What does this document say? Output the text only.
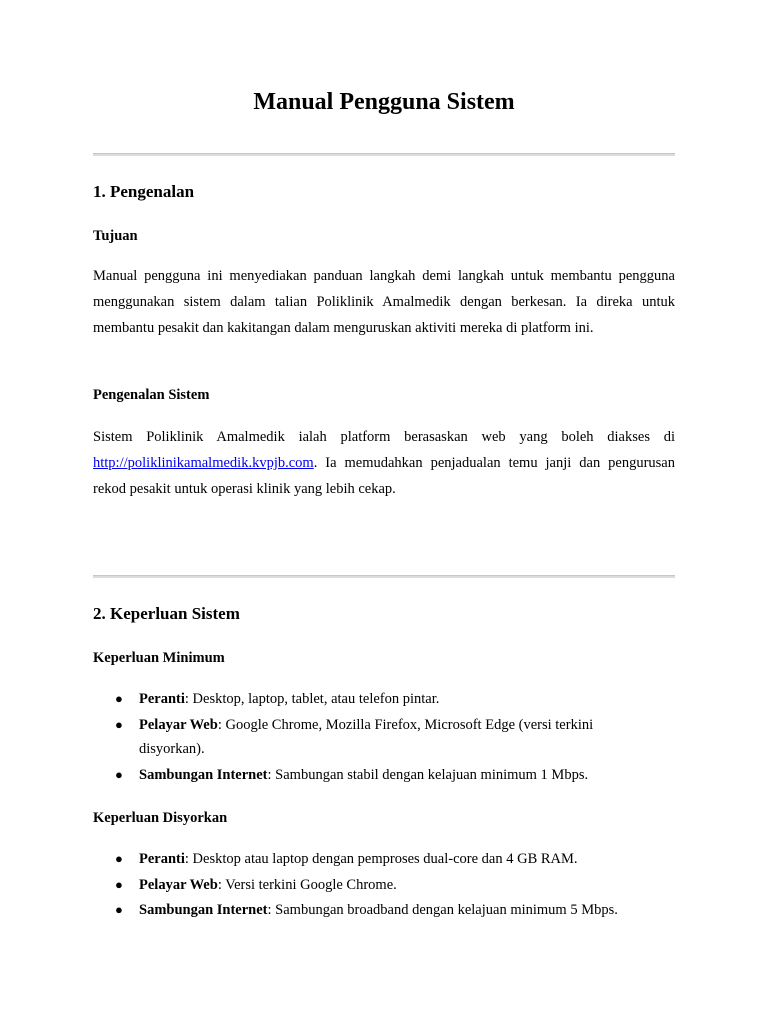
Manual Pengguna Sistem
1. Pengenalan
Tujuan

Manual pengguna ini menyediakan panduan langkah demi langkah untuk membantu pengguna menggunakan sistem dalam talian Poliklinik Amalmedik dengan berkesan. Ia direka untuk membantu pesakit dan kakitangan dalam menguruskan aktiviti mereka di platform ini.

Pengenalan Sistem

Sistem Poliklinik Amalmedik ialah platform berasaskan web yang boleh diakses di http://poliklinikamalmedik.kvpjb.com. Ia memudahkan penjadualan temu janji dan pengurusan rekod pesakit untuk operasi klinik yang lebih cekap.

2. Keperluan Sistem
Keperluan Minimum
● Peranti: Desktop, laptop, tablet, atau telefon pintar.
● Pelayar Web: Google Chrome, Mozilla Firefox, Microsoft Edge (versi terkini disyorkan).
● Sambungan Internet: Sambungan stabil dengan kelajuan minimum 1 Mbps.
Keperluan Disyorkan
● Peranti: Desktop atau laptop dengan pemproses dual-core dan 4 GB RAM.
● Pelayar Web: Versi terkini Google Chrome.
● Sambungan Internet: Sambungan broadband dengan kelajuan minimum 5 Mbps.
